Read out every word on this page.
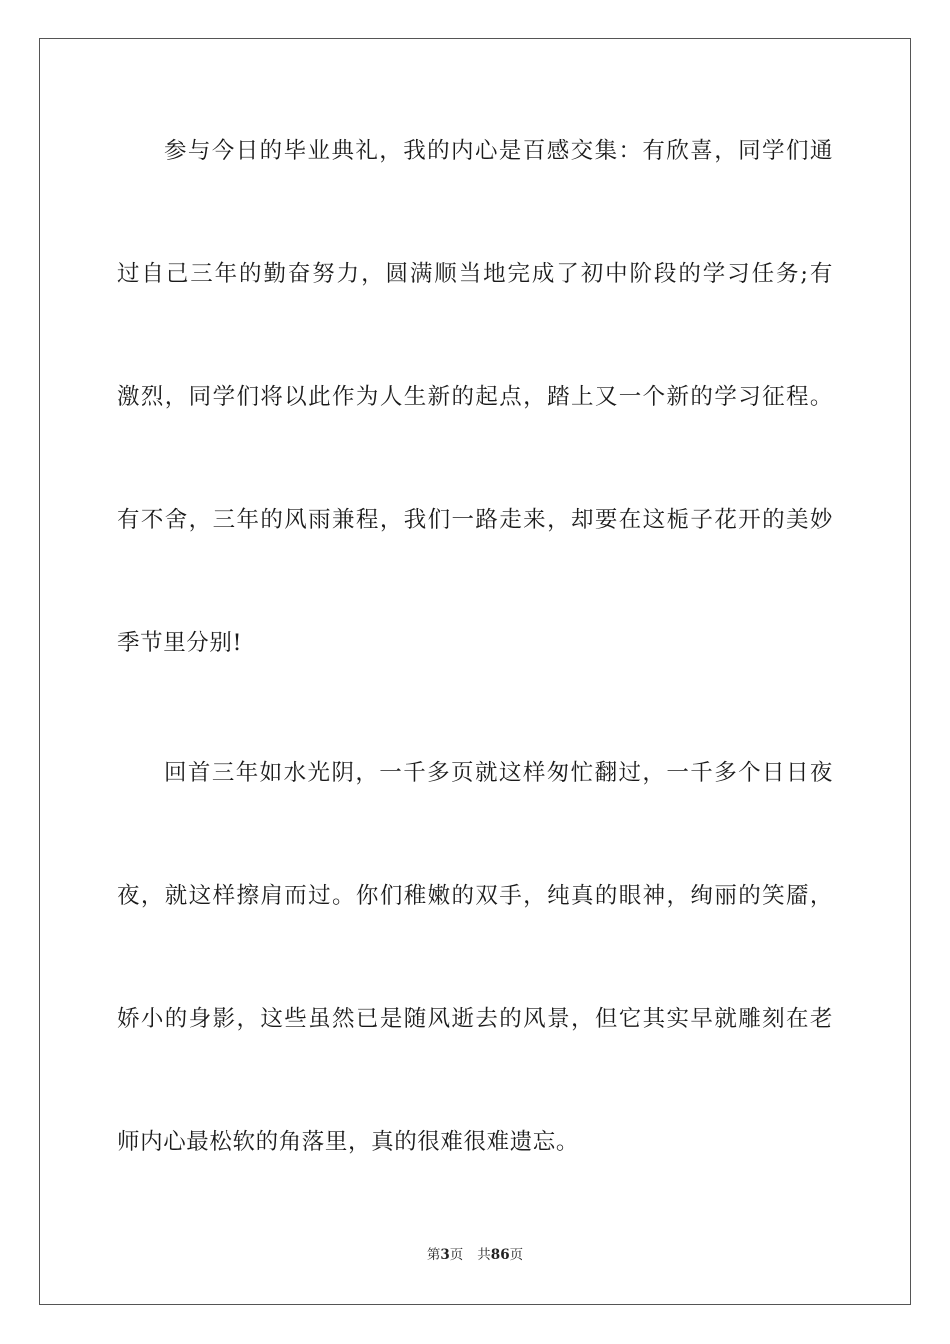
参与今日的毕业典礼，我的内心是百感交集：有欣喜，同学们通
过自己三年的勤奋努力，圆满顺当地完成了初中阶段的学习任务;有
激烈，同学们将以此作为人生新的起点，踏上又一个新的学习征程。
有不舍，三年的风雨兼程，我们一路走来，却要在这栀子花开的美妙
季节里分别!
回首三年如水光阴，一千多页就这样匆忙翻过，一千多个日日夜
夜，就这样擦肩而过。你们稚嫩的双手，纯真的眼神，绚丽的笑靥，
娇小的身影，这些虽然已是随风逝去的风景，但它其实早就雕刻在老
师内心最松软的角落里，真的很难很难遗忘。
第3页 共86页
